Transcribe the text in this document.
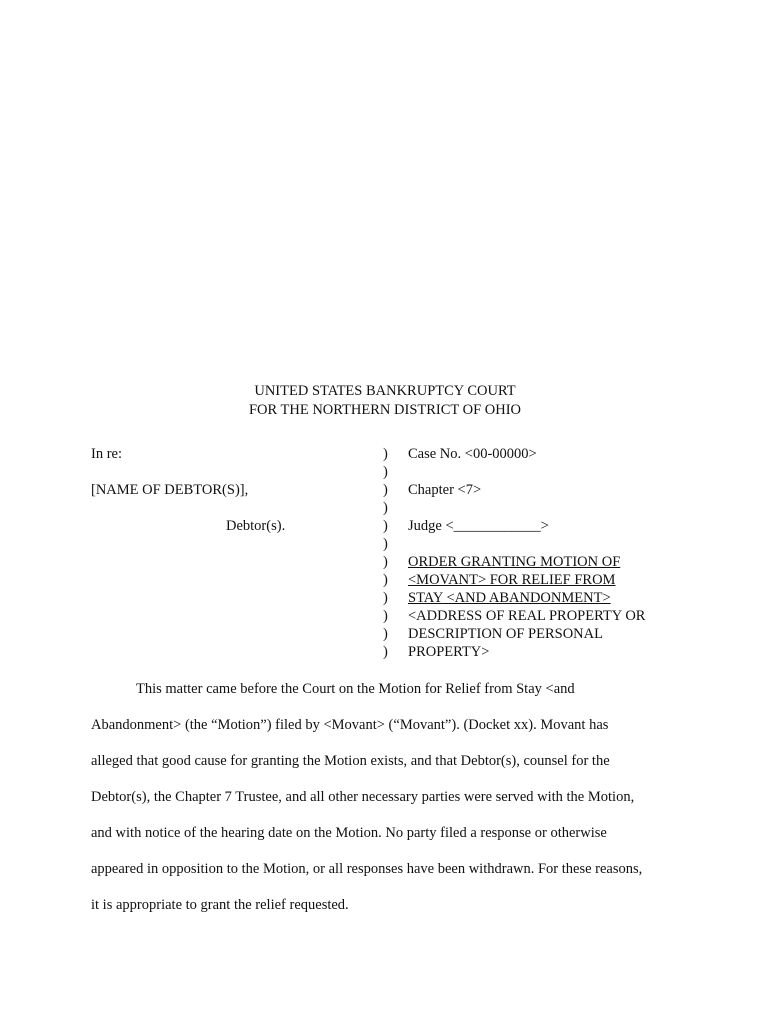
UNITED STATES BANKRUPTCY COURT
FOR THE NORTHERN DISTRICT OF OHIO
In re:
[NAME OF DEBTOR(S)],
Debtor(s).
)
)
)
)
)
)
)
)
)
)
)
)
Case No. <00-00000>
Chapter <7>
Judge <____________>
ORDER GRANTING MOTION OF
<MOVANT> FOR RELIEF FROM
STAY <AND ABANDONMENT>
<ADDRESS OF REAL PROPERTY OR
DESCRIPTION OF PERSONAL
PROPERTY>
This matter came before the Court on the Motion for Relief from Stay <and
Abandonment> (the “Motion”) filed by <Movant> (“Movant”). (Docket xx). Movant has
alleged that good cause for granting the Motion exists, and that Debtor(s), counsel for the
Debtor(s), the Chapter 7 Trustee, and all other necessary parties were served with the Motion,
and with notice of the hearing date on the Motion. No party filed a response or otherwise
appeared in opposition to the Motion, or all responses have been withdrawn. For these reasons,
it is appropriate to grant the relief requested.
